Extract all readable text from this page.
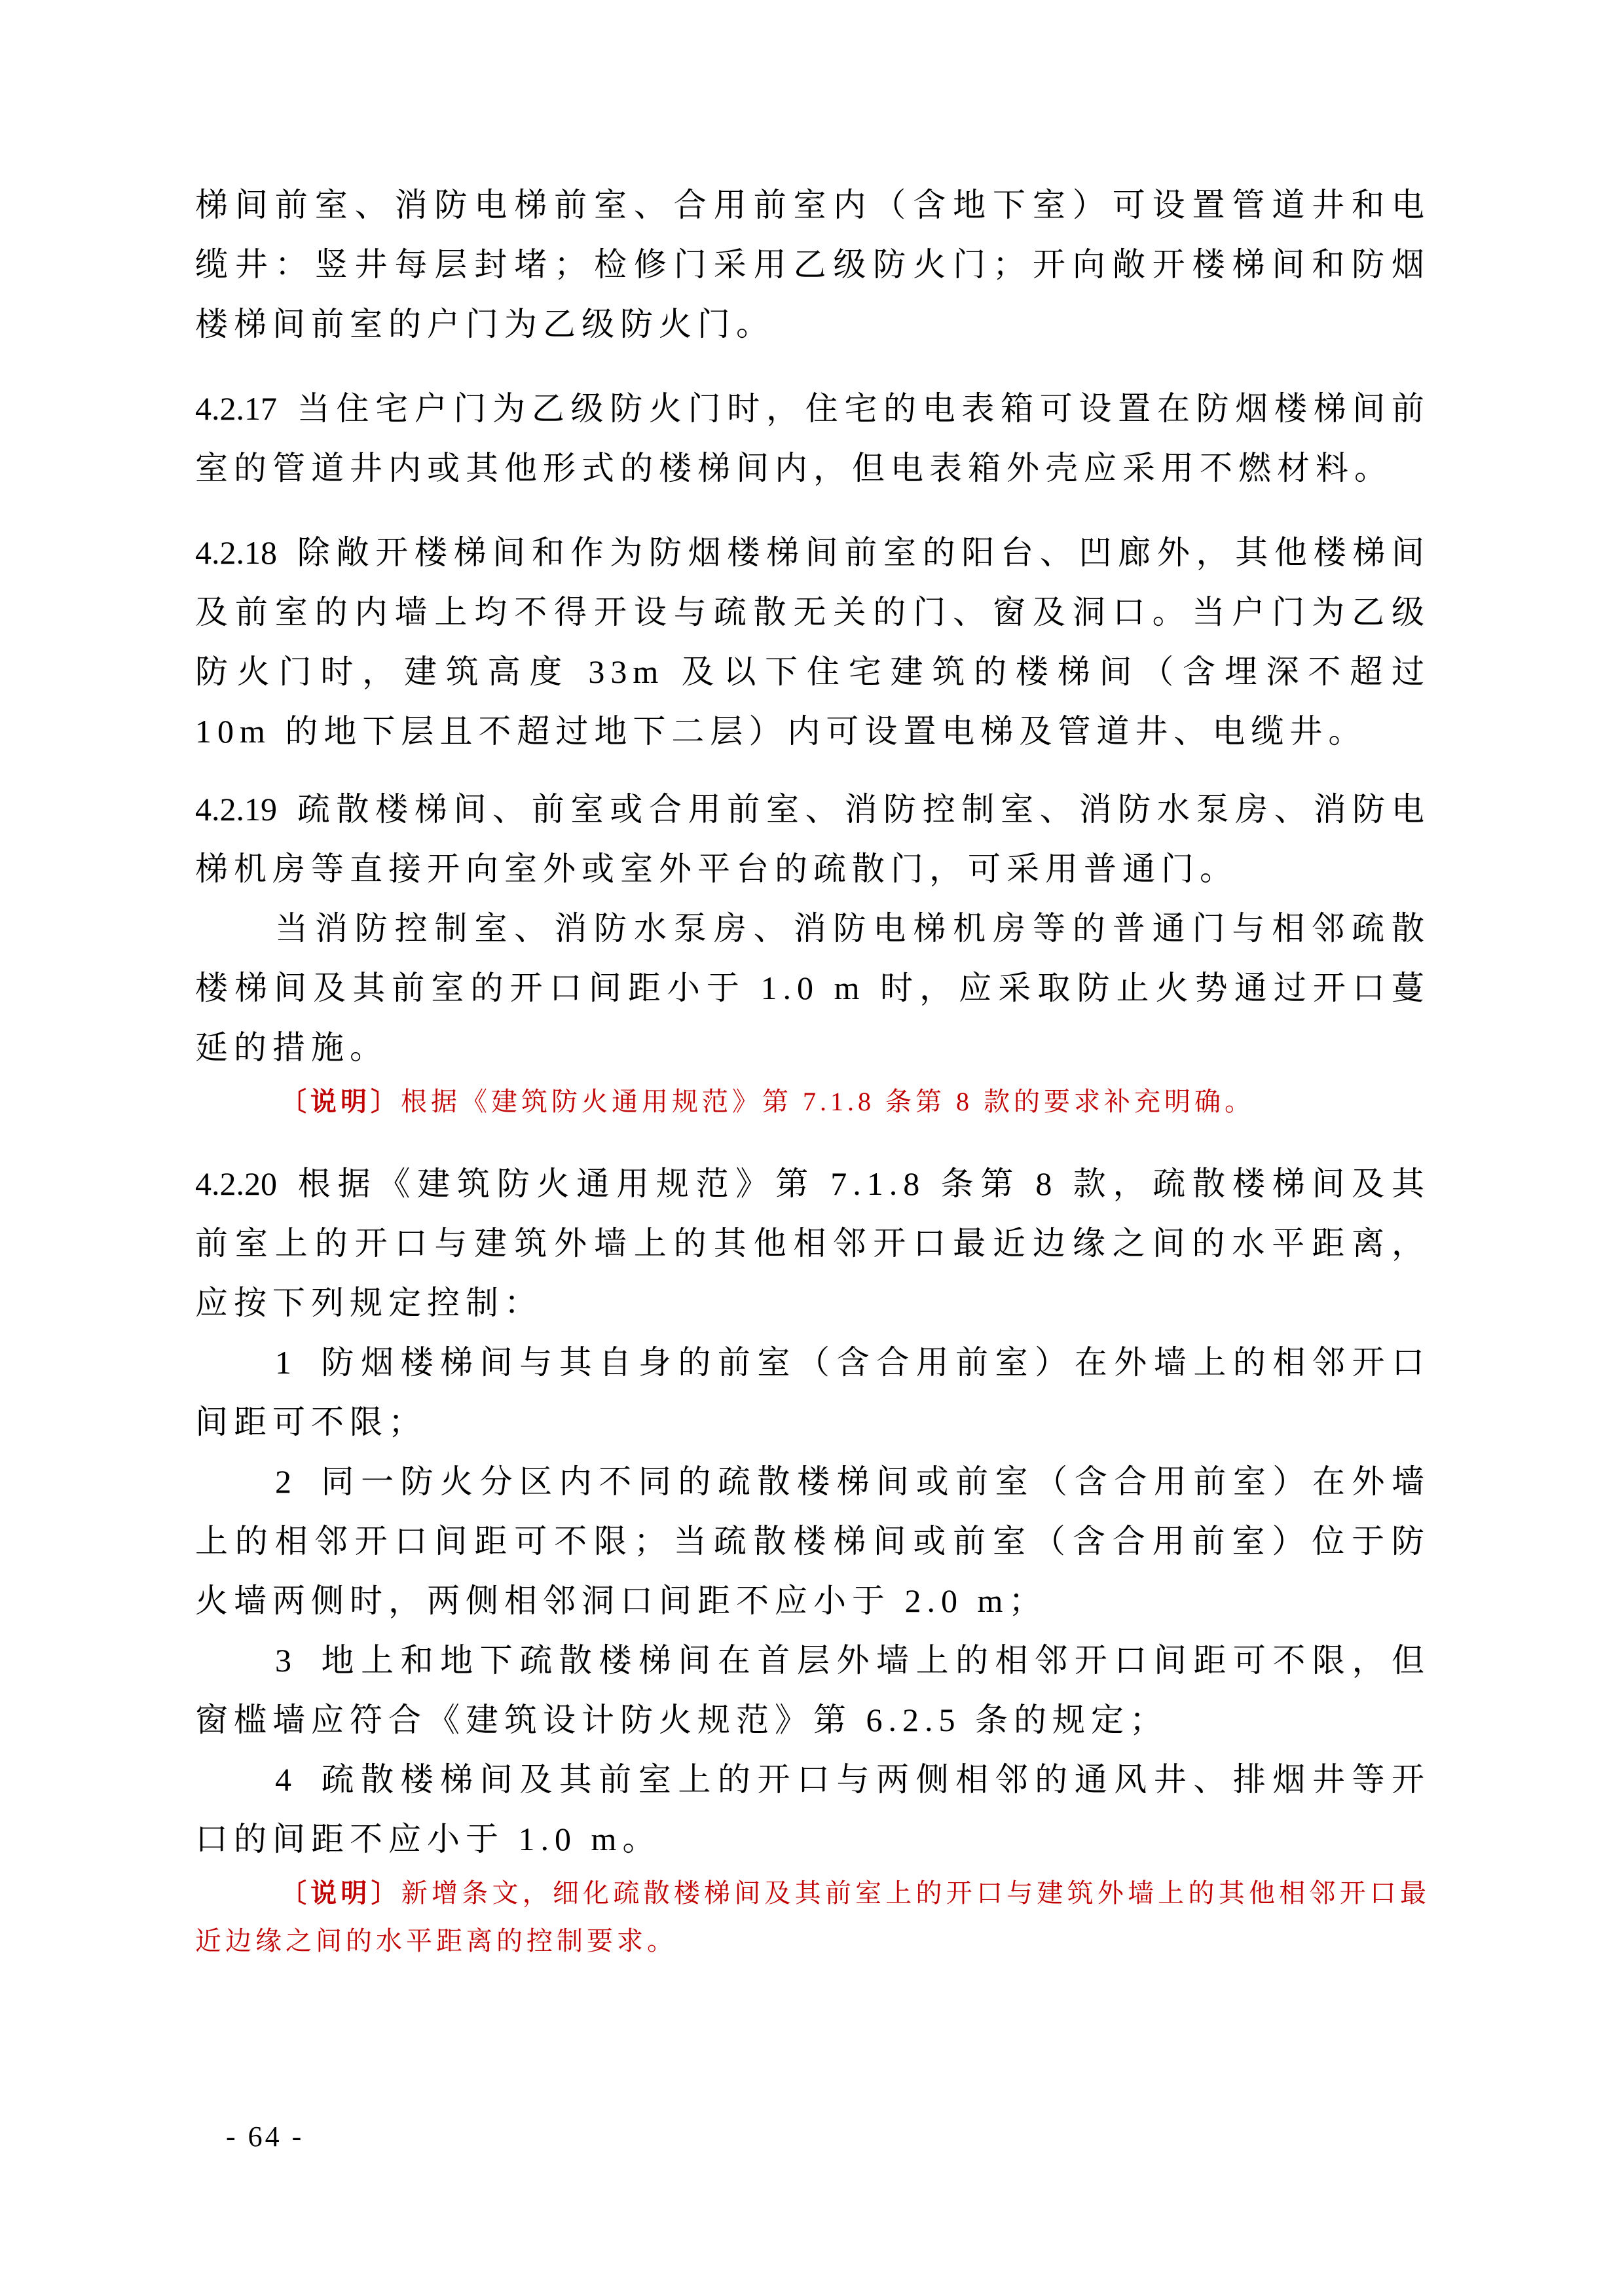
梯间前室、消防电梯前室、合用前室内（含地下室）可设置管道井和电缆井：竖井每层封堵；检修门采用乙级防火门；开向敞开楼梯间和防烟楼梯间前室的户门为乙级防火门。

4.2.17 当住宅户门为乙级防火门时，住宅的电表箱可设置在防烟楼梯间前室的管道井内或其他形式的楼梯间内，但电表箱外壳应采用不燃材料。

4.2.18 除敞开楼梯间和作为防烟楼梯间前室的阳台、凹廊外，其他楼梯间及前室的内墙上均不得开设与疏散无关的门、窗及洞口。当户门为乙级防火门时，建筑高度 33m 及以下住宅建筑的楼梯间（含埋深不超过 10m 的地下层且不超过地下二层）内可设置电梯及管道井、电缆井。

4.2.19 疏散楼梯间、前室或合用前室、消防控制室、消防水泵房、消防电梯机房等直接开向室外或室外平台的疏散门，可采用普通门。

当消防控制室、消防水泵房、消防电梯机房等的普通门与相邻疏散楼梯间及其前室的开口间距小于 1.0 m 时，应采取防止火势通过开口蔓延的措施。

〔说明〕根据《建筑防火通用规范》第 7.1.8 条第 8 款的要求补充明确。

4.2.20 根据《建筑防火通用规范》第 7.1.8 条第 8 款，疏散楼梯间及其前室上的开口与建筑外墙上的其他相邻开口最近边缘之间的水平距离，应按下列规定控制：

1 防烟楼梯间与其自身的前室（含合用前室）在外墙上的相邻开口间距可不限；

2 同一防火分区内不同的疏散楼梯间或前室（含合用前室）在外墙上的相邻开口间距可不限；当疏散楼梯间或前室（含合用前室）位于防火墙两侧时，两侧相邻洞口间距不应小于 2.0 m；

3 地上和地下疏散楼梯间在首层外墙上的相邻开口间距可不限，但窗槛墙应符合《建筑设计防火规范》第 6.2.5 条的规定；

4 疏散楼梯间及其前室上的开口与两侧相邻的通风井、排烟井等开口的间距不应小于 1.0 m。

〔说明〕新增条文，细化疏散楼梯间及其前室上的开口与建筑外墙上的其他相邻开口最近边缘之间的水平距离的控制要求。

- 64 -
